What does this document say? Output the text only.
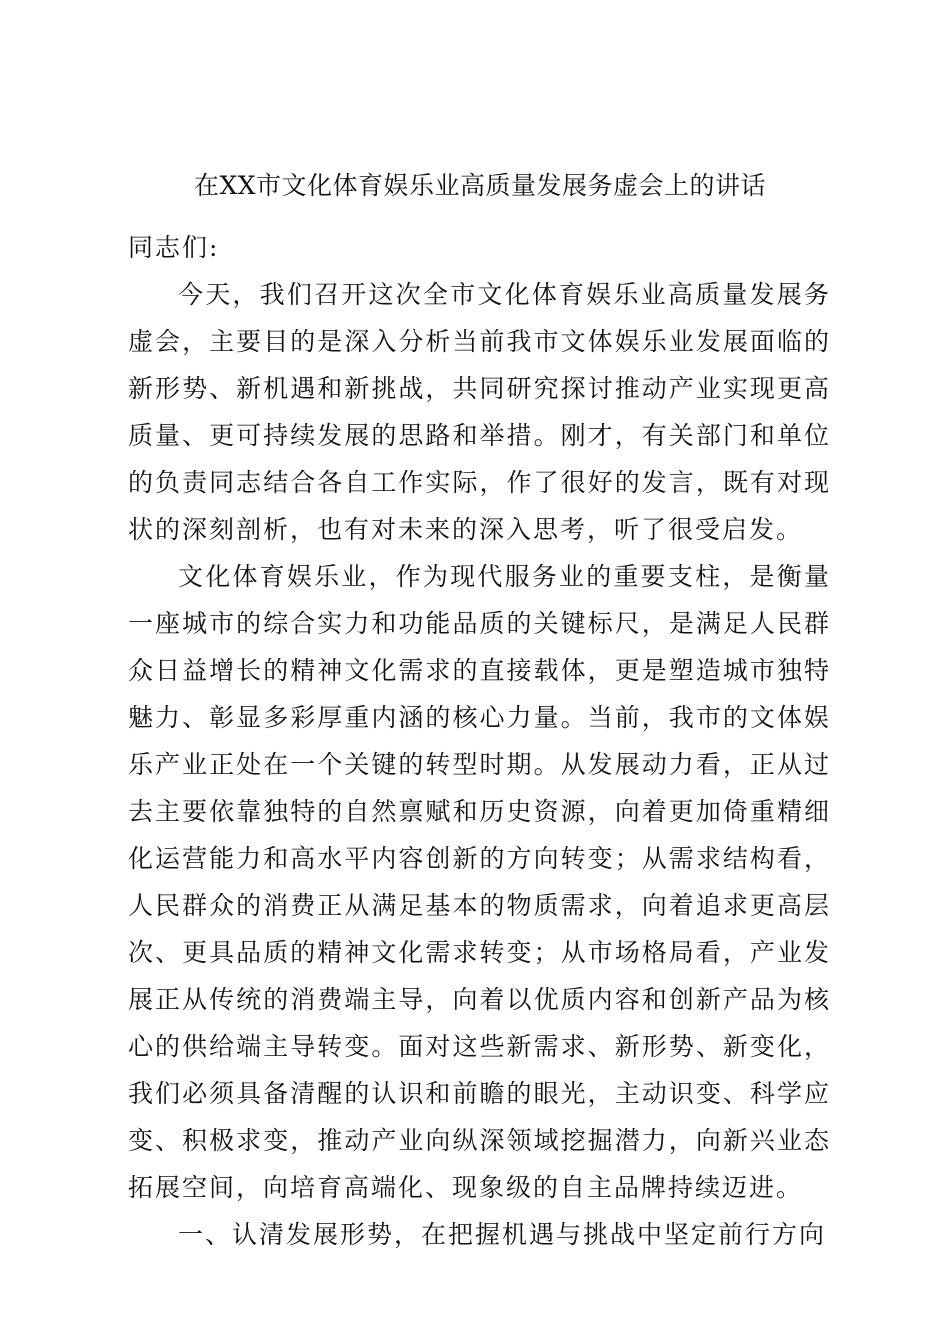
在XX市文化体育娱乐业高质量发展务虚会上的讲话

同志们:

今天，我们召开这次全市文化体育娱乐业高质量发展务虚会，主要目的是深入分析当前我市文体娱乐业发展面临的新形势、新机遇和新挑战，共同研究探讨推动产业实现更高质量、更可持续发展的思路和举措。刚才，有关部门和单位的负责同志结合各自工作实际，作了很好的发言，既有对现状的深刻剖析，也有对未来的深入思考，听了很受启发。

文化体育娱乐业，作为现代服务业的重要支柱，是衡量一座城市的综合实力和功能品质的关键标尺，是满足人民群众日益增长的精神文化需求的直接载体，更是塑造城市独特魅力、彰显多彩厚重内涵的核心力量。当前，我市的文体娱乐产业正处在一个关键的转型时期。从发展动力看，正从过去主要依靠独特的自然禀赋和历史资源，向着更加倚重精细化运营能力和高水平内容创新的方向转变；从需求结构看，人民群众的消费正从满足基本的物质需求，向着追求更高层次、更具品质的精神文化需求转变；从市场格局看，产业发展正从传统的消费端主导，向着以优质内容和创新产品为核心的供给端主导转变。面对这些新需求、新形势、新变化，我们必须具备清醒的认识和前瞻的眼光，主动识变、科学应变、积极求变，推动产业向纵深领域挖掘潜力，向新兴业态拓展空间，向培育高端化、现象级的自主品牌持续迈进。

一、认清发展形势，在把握机遇与挑战中坚定前行方向
